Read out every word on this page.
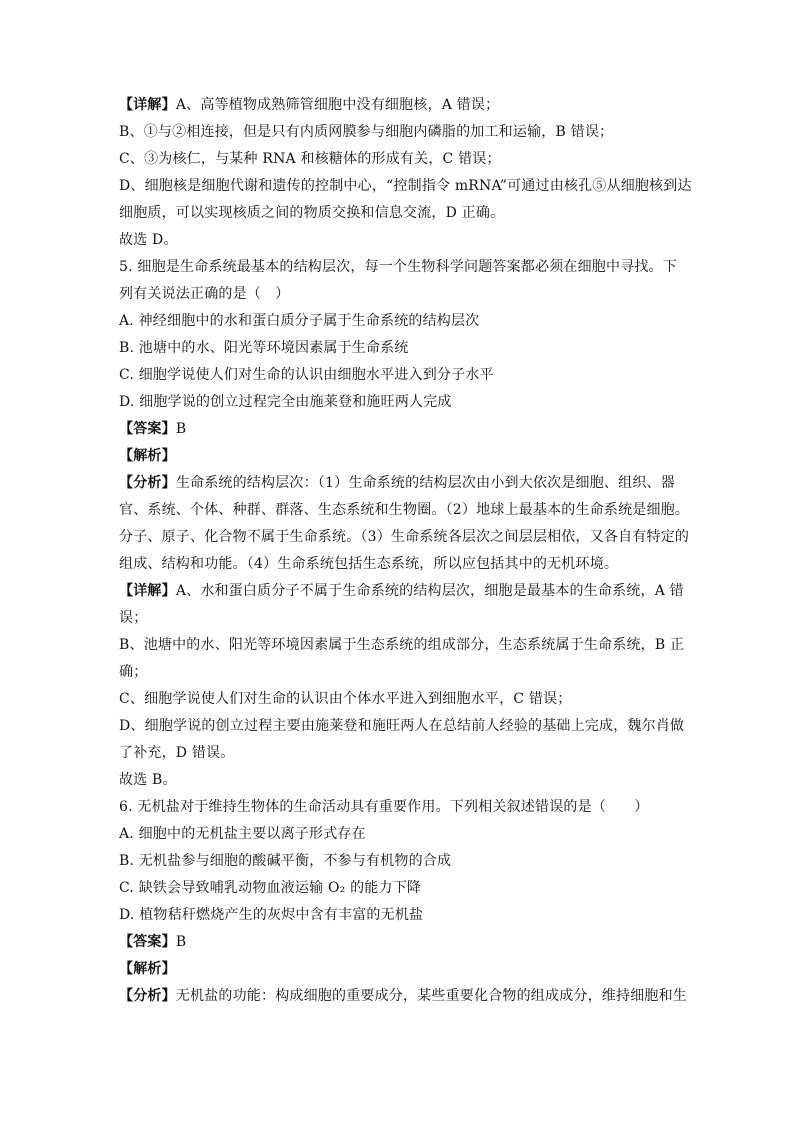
【详解】A、高等植物成熟筛管细胞中没有细胞核，A 错误；
B、①与②相连接，但是只有内质网膜参与细胞内磷脂的加工和运输，B 错误；
C、③为核仁，与某种 RNA 和核糖体的形成有关，C 错误；
D、细胞核是细胞代谢和遗传的控制中心，“控制指令 mRNA”可通过由核孔⑤从细胞核到达
细胞质，可以实现核质之间的物质交换和信息交流，D 正确。
故选 D。
5. 细胞是生命系统最基本的结构层次，每一个生物科学问题答案都必须在细胞中寻找。下
列有关说法正确的是（　）
A. 神经细胞中的水和蛋白质分子属于生命系统的结构层次
B. 池塘中的水、阳光等环境因素属于生命系统
C. 细胞学说使人们对生命的认识由细胞水平进入到分子水平
D. 细胞学说的创立过程完全由施莱登和施旺两人完成
【答案】B
【解析】
【分析】生命系统的结构层次：（1）生命系统的结构层次由小到大依次是细胞、组织、器
官、系统、个体、种群、群落、生态系统和生物圈。（2）地球上最基本的生命系统是细胞。
分子、原子、化合物不属于生命系统。（3）生命系统各层次之间层层相依，又各自有特定的
组成、结构和功能。（4）生命系统包括生态系统，所以应包括其中的无机环境。
【详解】A、水和蛋白质分子不属于生命系统的结构层次，细胞是最基本的生命系统，A 错
误；
B、池塘中的水、阳光等环境因素属于生态系统的组成部分，生态系统属于生命系统，B 正
确；
C、细胞学说使人们对生命的认识由个体水平进入到细胞水平，C 错误；
D、细胞学说的创立过程主要由施莱登和施旺两人在总结前人经验的基础上完成，魏尔肖做
了补充，D 错误。
故选 B。
6. 无机盐对于维持生物体的生命活动具有重要作用。下列相关叙述错误的是（　　）
A. 细胞中的无机盐主要以离子形式存在
B. 无机盐参与细胞的酸碱平衡，不参与有机物的合成
C. 缺铁会导致哺乳动物血液运输 O₂ 的能力下降
D. 植物秸秆燃烧产生的灰烬中含有丰富的无机盐
【答案】B
【解析】
【分析】无机盐的功能：构成细胞的重要成分，某些重要化合物的组成成分，维持细胞和生
